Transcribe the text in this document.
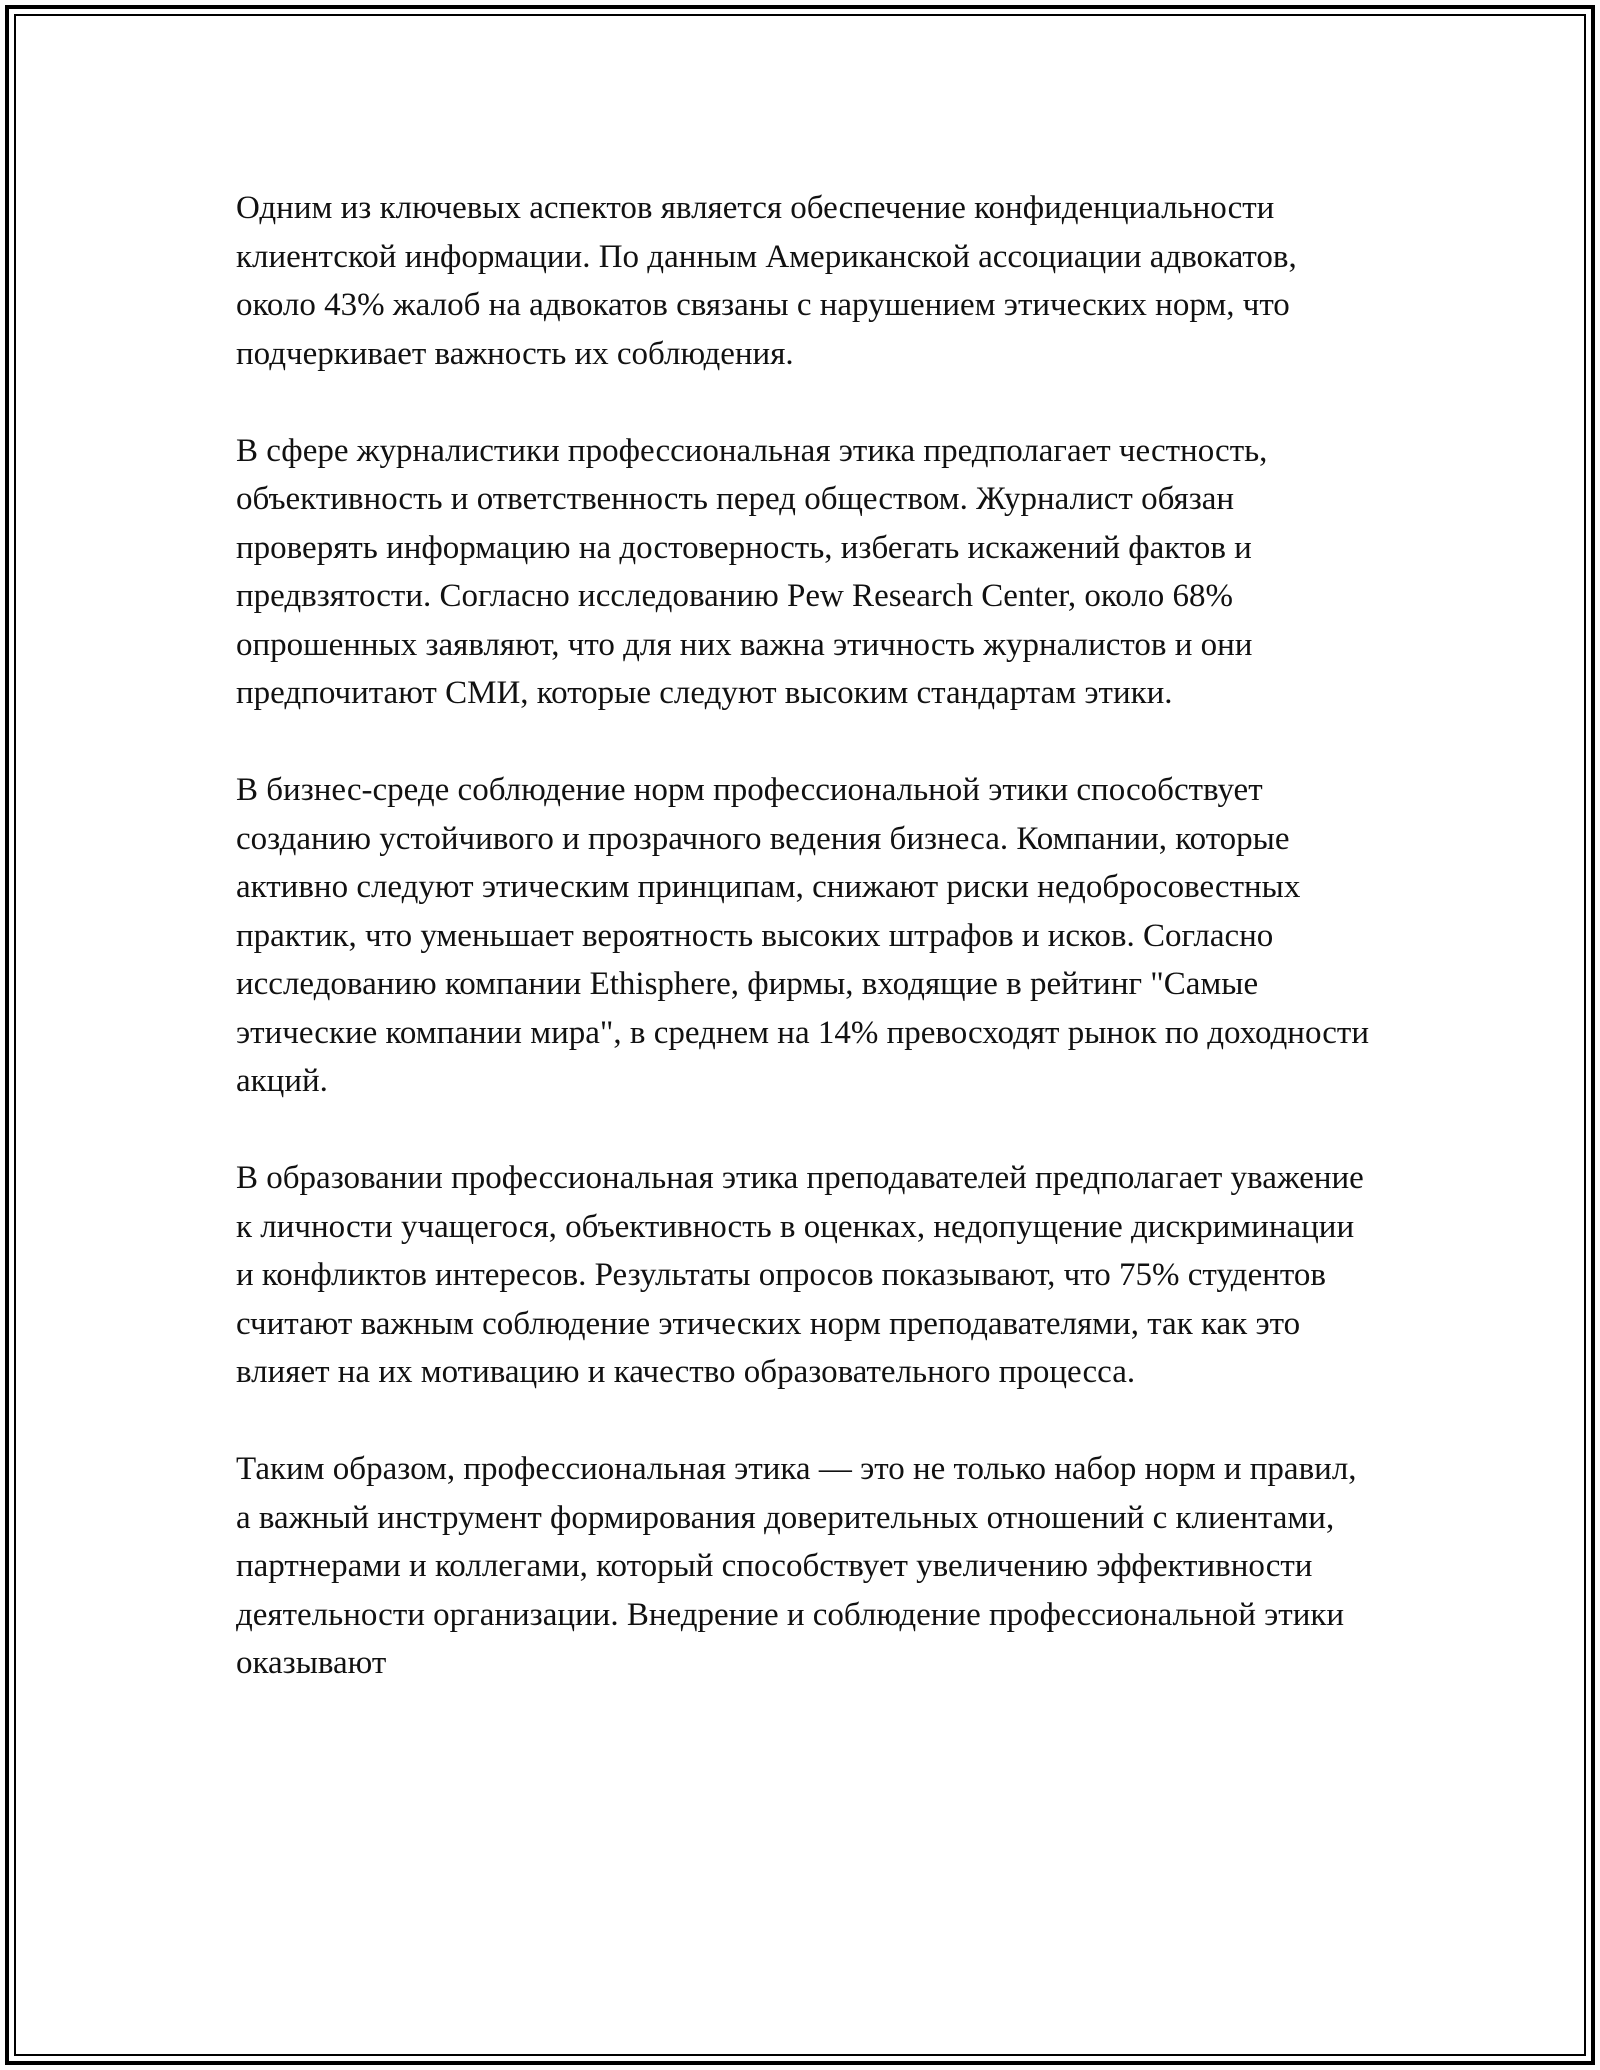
Одним из ключевых аспектов является обеспечение конфиденциальности клиентской информации. По данным Американской ассоциации адвокатов, около 43% жалоб на адвокатов связаны с нарушением этических норм, что подчеркивает важность их соблюдения.

В сфере журналистики профессиональная этика предполагает честность, объективность и ответственность перед обществом. Журналист обязан проверять информацию на достоверность, избегать искажений фактов и предвзятости. Согласно исследованию Pew Research Center, около 68% опрошенных заявляют, что для них важна этичность журналистов и они предпочитают СМИ, которые следуют высоким стандартам этики.

В бизнес-среде соблюдение норм профессиональной этики способствует созданию устойчивого и прозрачного ведения бизнеса. Компании, которые активно следуют этическим принципам, снижают риски недобросовестных практик, что уменьшает вероятность высоких штрафов и исков. Согласно исследованию компании Ethisphere, фирмы, входящие в рейтинг "Самые этические компании мира", в среднем на 14% превосходят рынок по доходности акций.

В образовании профессиональная этика преподавателей предполагает уважение к личности учащегося, объективность в оценках, недопущение дискриминации и конфликтов интересов. Результаты опросов показывают, что 75% студентов считают важным соблюдение этических норм преподавателями, так как это влияет на их мотивацию и качество образовательного процесса.

Таким образом, профессиональная этика — это не только набор норм и правил, а важный инструмент формирования доверительных отношений с клиентами, партнерами и коллегами, который способствует увеличению эффективности деятельности организации. Внедрение и соблюдение профессиональной этики оказывают
